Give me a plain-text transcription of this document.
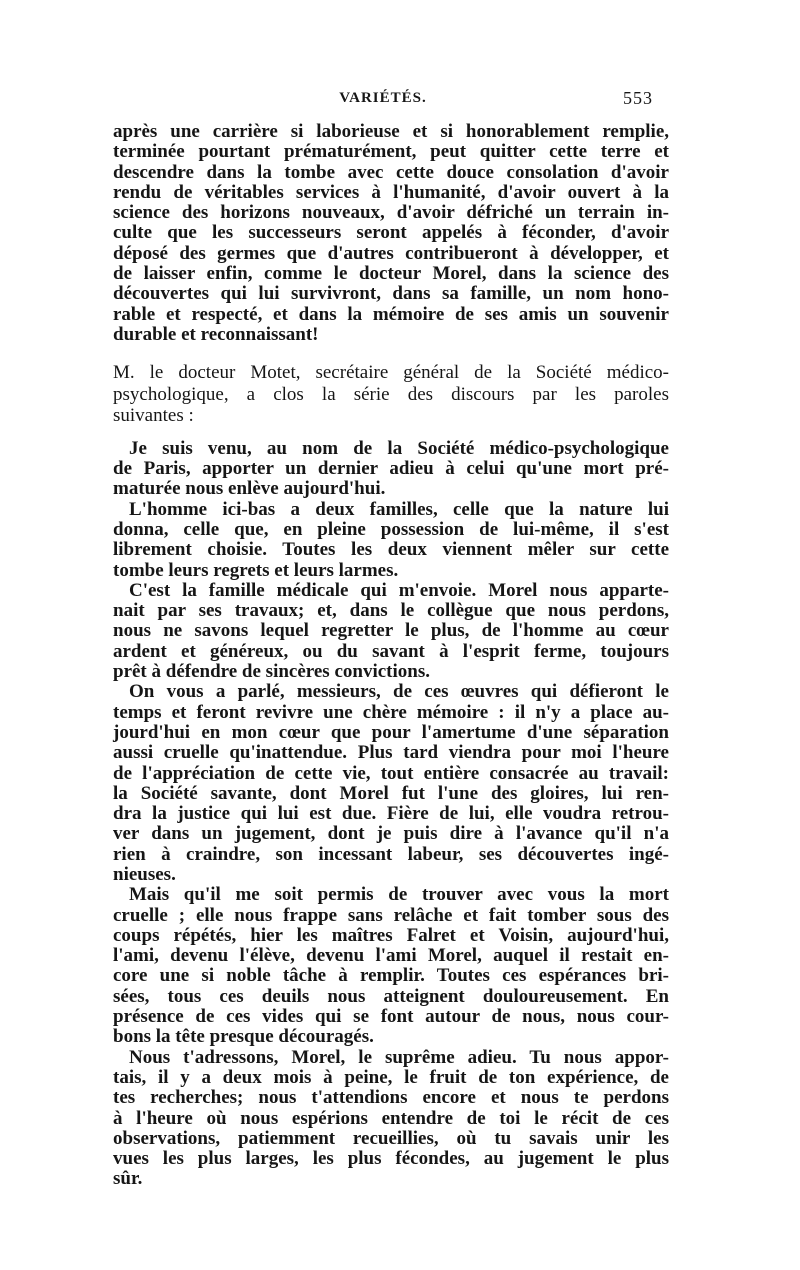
VARIÉTÉS.	553

après une carrière si laborieuse et si honorablement remplie,
terminée pourtant prématurément, peut quitter cette terre et
descendre dans la tombe avec cette douce consolation d'avoir
rendu de véritables services à l'humanité, d'avoir ouvert à la
science des horizons nouveaux, d'avoir défriché un terrain in-
culte que les successeurs seront appelés à féconder, d'avoir
déposé des germes que d'autres contribueront à développer, et
de laisser enfin, comme le docteur Morel, dans la science des
découvertes qui lui survivront, dans sa famille, un nom hono-
rable et respecté, et dans la mémoire de ses amis un souvenir
durable et reconnaissant!

M. le docteur Motet, secrétaire général de la Société médico-
psychologique, a clos la série des discours par les paroles
suivantes :

Je suis venu, au nom de la Société médico-psychologique
de Paris, apporter un dernier adieu à celui qu'une mort pré-
maturée nous enlève aujourd'hui.

L'homme ici-bas a deux familles, celle que la nature lui
donna, celle que, en pleine possession de lui-même, il s'est
librement choisie. Toutes les deux viennent mêler sur cette
tombe leurs regrets et leurs larmes.

C'est la famille médicale qui m'envoie. Morel nous apparte-
nait par ses travaux; et, dans le collègue que nous perdons,
nous ne savons lequel regretter le plus, de l'homme au cœur
ardent et généreux, ou du savant à l'esprit ferme, toujours
prêt à défendre de sincères convictions.

On vous a parlé, messieurs, de ces œuvres qui défieront le
temps et feront revivre une chère mémoire : il n'y a place au-
jourd'hui en mon cœur que pour l'amertume d'une séparation
aussi cruelle qu'inattendue. Plus tard viendra pour moi l'heure
de l'appréciation de cette vie, tout entière consacrée au travail:
la Société savante, dont Morel fut l'une des gloires, lui ren-
dra la justice qui lui est due. Fière de lui, elle voudra retrou-
ver dans un jugement, dont je puis dire à l'avance qu'il n'a
rien à craindre, son incessant labeur, ses découvertes ingé-
nieuses.

Mais qu'il me soit permis de trouver avec vous la mort
cruelle ; elle nous frappe sans relâche et fait tomber sous des
coups répétés, hier les maîtres Falret et Voisin, aujourd'hui,
l'ami, devenu l'élève, devenu l'ami Morel, auquel il restait en-
core une si noble tâche à remplir. Toutes ces espérances bri-
sées, tous ces deuils nous atteignent douloureusement. En
présence de ces vides qui se font autour de nous, nous cour-
bons la tête presque découragés.

Nous t'adressons, Morel, le suprême adieu. Tu nous appor-
tais, il y a deux mois à peine, le fruit de ton expérience, de
tes recherches; nous t'attendions encore et nous te perdons
à l'heure où nous espérions entendre de toi le récit de ces
observations, patiemment recueillies, où tu savais unir les
vues les plus larges, les plus fécondes, au jugement le plus
sûr.
